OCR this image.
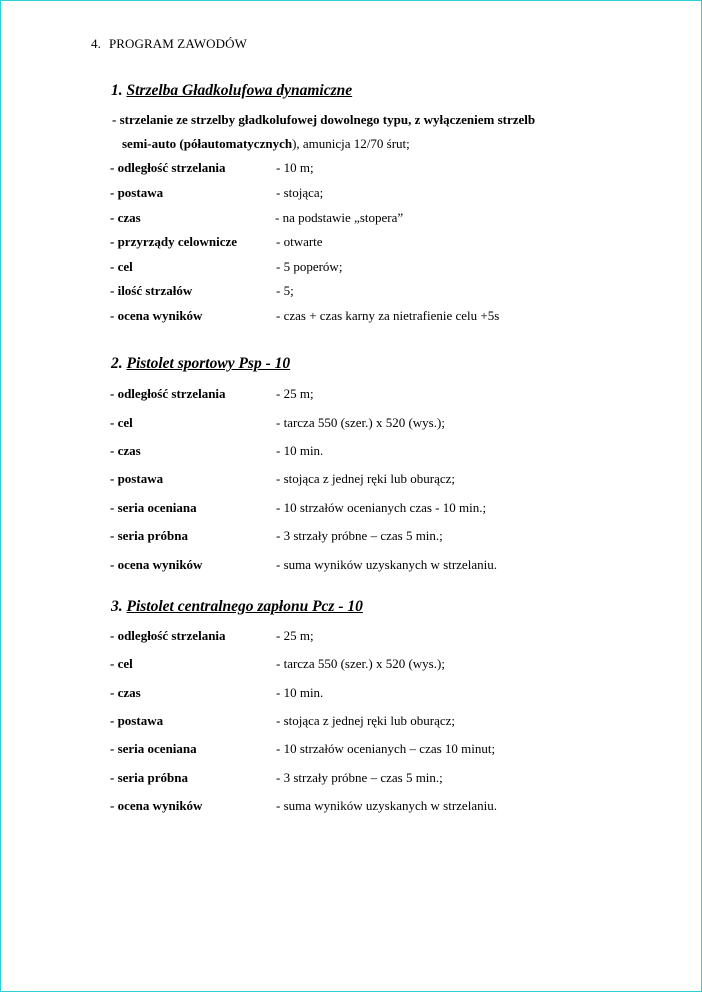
4. PROGRAM ZAWODÓW
1. Strzelba Gładkolufowa dynamiczne
- strzelanie ze strzelby gładkolufowej dowolnego typu, z wyłączeniem strzelb
semi-auto (półautomatycznych), amunicja 12/70 śrut;
- odległość strzelania	- 10 m;
- postawa	- stojąca;
- czas	- na podstawie „stopera”
- przyrządy celownicze	- otwarte
- cel	- 5 poperów;
- ilość strzałów	- 5;
- ocena wyników	- czas + czas karny za nietrafienie celu +5s
2. Pistolet sportowy Psp - 10
- odległość strzelania	- 25 m;
- cel	- tarcza 550 (szer.) x 520 (wys.);
- czas	- 10 min.
- postawa	- stojąca z jednej ręki lub oburącz;
- seria oceniana	- 10 strzałów ocenianych czas - 10 min.;
- seria próbna	- 3 strzały próbne – czas 5 min.;
- ocena wyników	- suma wyników uzyskanych w strzelaniu.
3. Pistolet centralnego zapłonu Pcz - 10
- odległość strzelania	- 25 m;
- cel	- tarcza 550 (szer.) x 520 (wys.);
- czas	- 10 min.
- postawa	- stojąca z jednej ręki lub oburącz;
- seria oceniana	- 10 strzałów ocenianych – czas 10 minut;
- seria próbna	- 3 strzały próbne – czas 5 min.;
- ocena wyników	- suma wyników uzyskanych w strzelaniu.
